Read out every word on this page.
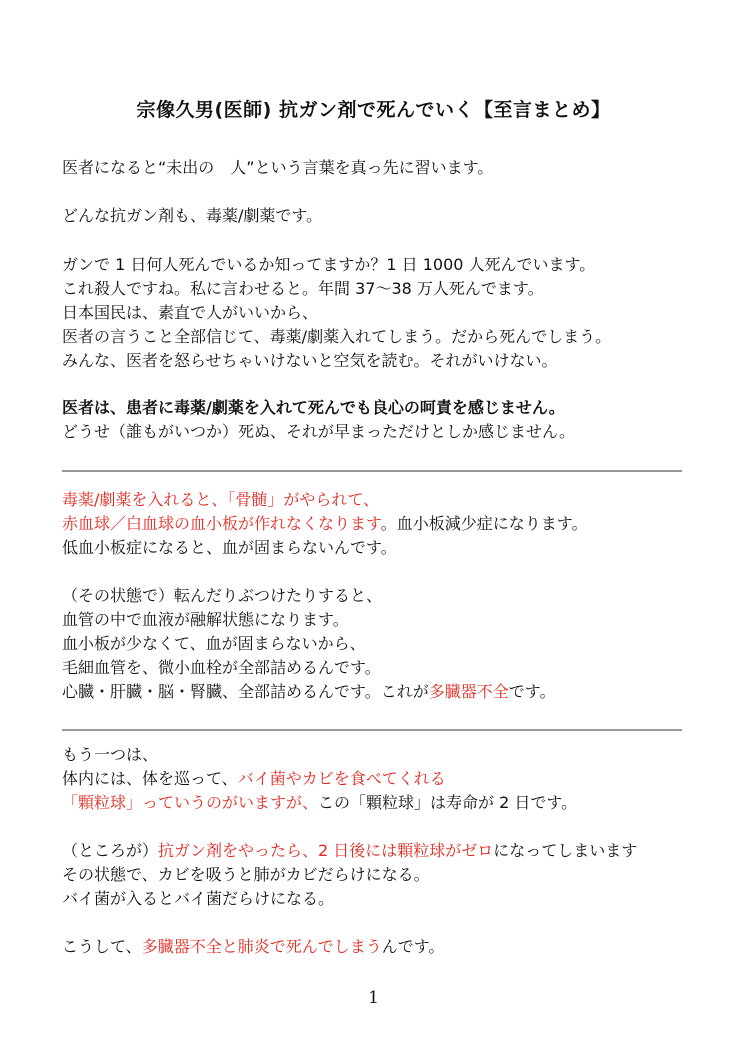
宗像久男(医師) 抗ガン剤で死んでいく【至言まとめ】
医者になると“未出の　人”という言葉を真っ先に習います。
どんな抗ガン剤も、毒薬/劇薬です。
ガンで 1 日何人死んでいるか知ってますか？1 日 1000 人死んでいます。
これ殺人ですね。私に言わせると。年間 37〜38 万人死んでます。
日本国民は、素直で人がいいから、
医者の言うこと全部信じて、毒薬/劇薬入れてしまう。だから死んでしまう。
みんな、医者を怒らせちゃいけないと空気を読む。それがいけない。
医者は、患者に毒薬/劇薬を入れて死んでも良心の呵責を感じません。
どうせ（誰もがいつか）死ぬ、それが早まっただけとしか感じません。
毒薬/劇薬を入れると、「骨髄」がやられて、
赤血球／白血球の血小板が作れなくなります。血小板減少症になります。
低血小板症になると、血が固まらないんです。
（その状態で）転んだりぶつけたりすると、
血管の中で血液が融解状態になります。
血小板が少なくて、血が固まらないから、
毛細血管を、微小血栓が全部詰めるんです。
心臓・肝臓・脳・腎臓、全部詰めるんです。これが多臓器不全です。
もう一つは、
体内には、体を巡って、バイ菌やカビを食べてくれる
「顆粒球」っていうのがいますが、この「顆粒球」は寿命が 2 日です。
（ところが）抗ガン剤をやったら、2 日後には顆粒球がゼロになってしまいます
その状態で、カビを吸うと肺がカビだらけになる。
バイ菌が入るとバイ菌だらけになる。
こうして、多臓器不全と肺炎で死んでしまうんです。
1
